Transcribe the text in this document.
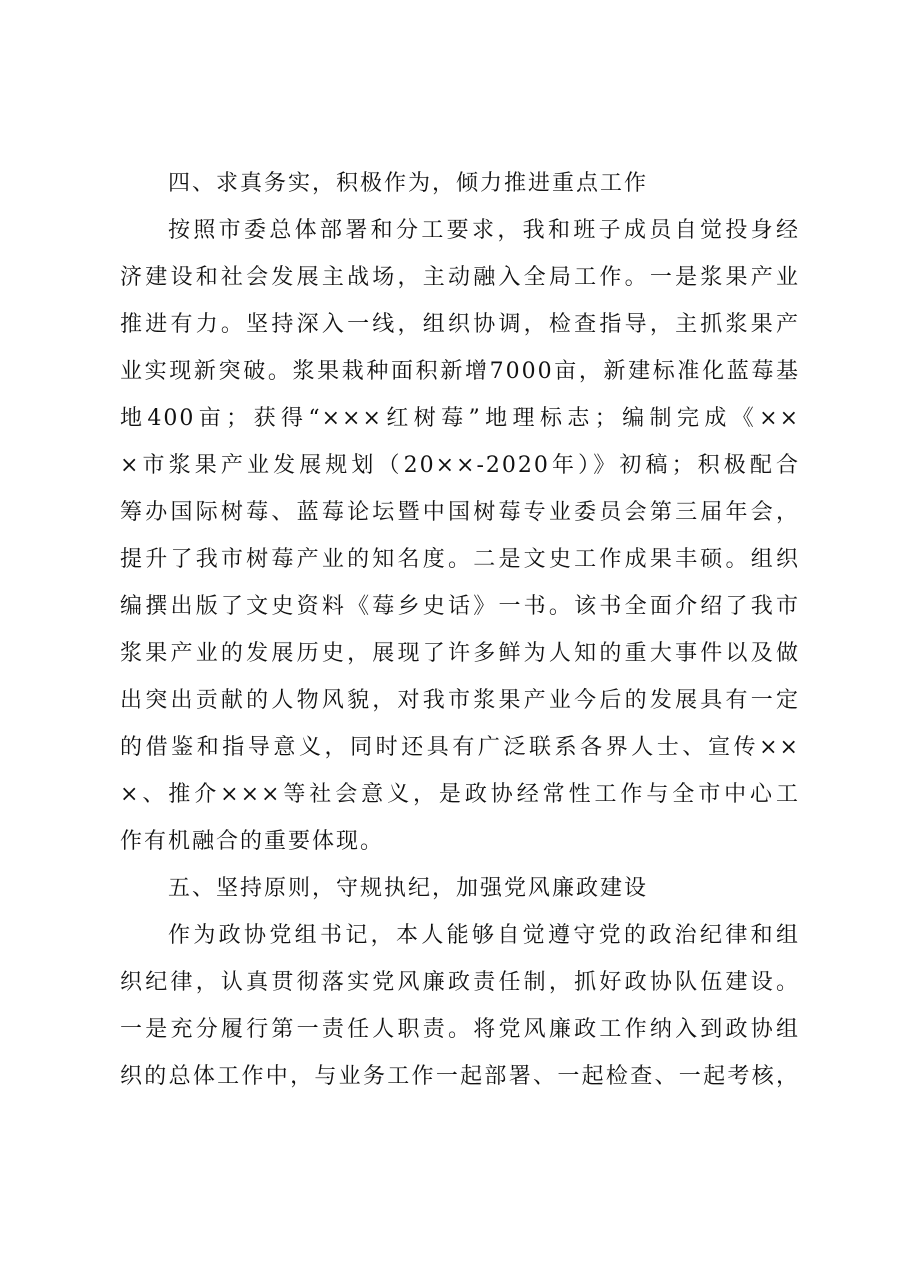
四、求真务实，积极作为，倾力推进重点工作
按照市委总体部署和分工要求，我和班子成员自觉投身经
济建设和社会发展主战场，主动融入全局工作。一是浆果产业
推进有力。坚持深入一线，组织协调，检查指导，主抓浆果产
业实现新突破。浆果栽种面积新增7000亩，新建标准化蓝莓基
地400亩；获得“×××红树莓”地理标志；编制完成《××
×市浆果产业发展规划（20××-2020年）》初稿；积极配合
筹办国际树莓、蓝莓论坛暨中国树莓专业委员会第三届年会，
提升了我市树莓产业的知名度。二是文史工作成果丰硕。组织
编撰出版了文史资料《莓乡史话》一书。该书全面介绍了我市
浆果产业的发展历史，展现了许多鲜为人知的重大事件以及做
出突出贡献的人物风貌，对我市浆果产业今后的发展具有一定
的借鉴和指导意义，同时还具有广泛联系各界人士、宣传××
×、推介×××等社会意义，是政协经常性工作与全市中心工
作有机融合的重要体现。
五、坚持原则，守规执纪，加强党风廉政建设
作为政协党组书记，本人能够自觉遵守党的政治纪律和组
织纪律，认真贯彻落实党风廉政责任制，抓好政协队伍建设。
一是充分履行第一责任人职责。将党风廉政工作纳入到政协组
织的总体工作中，与业务工作一起部署、一起检查、一起考核，
